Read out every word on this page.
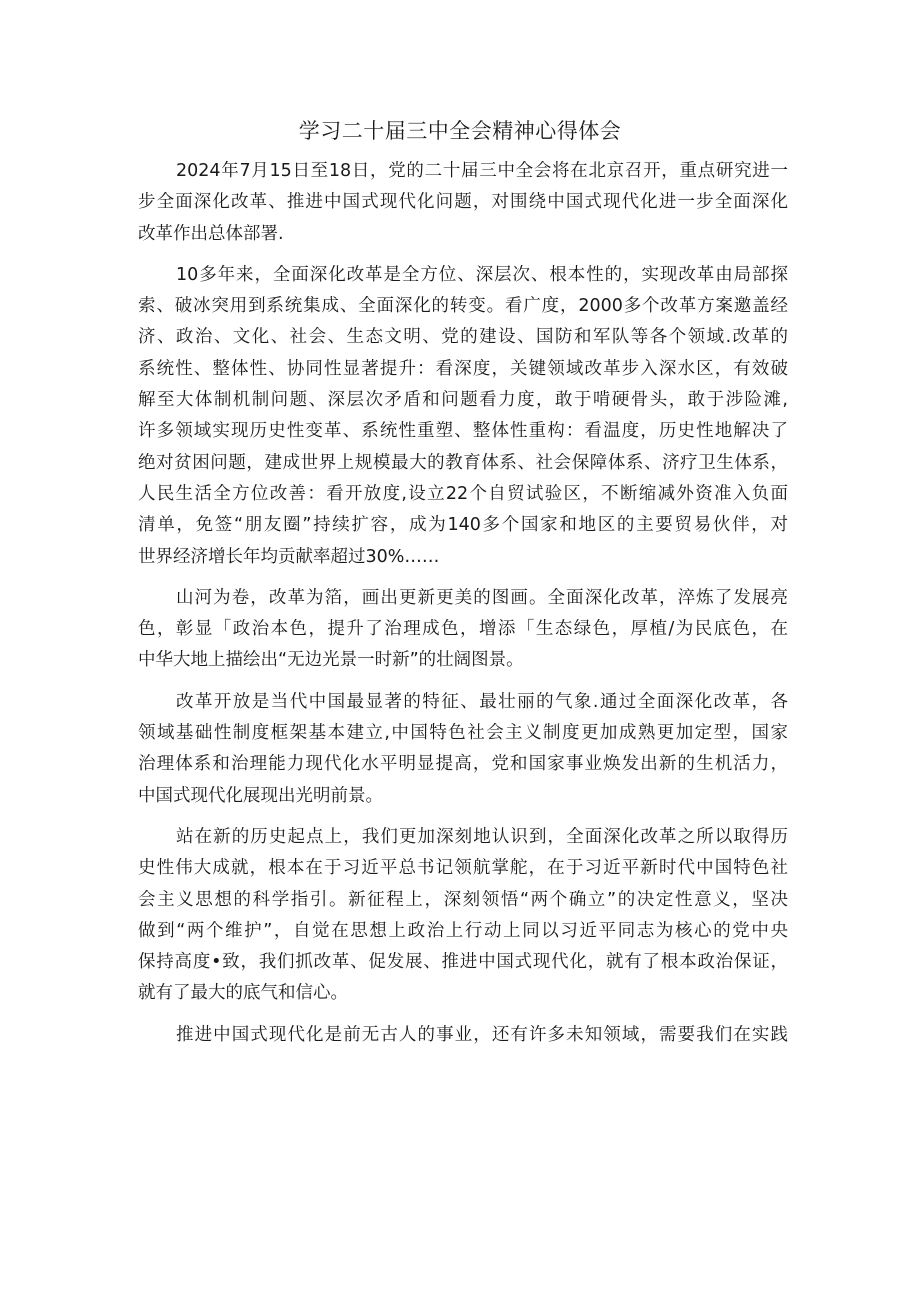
学习二十届三中全会精神心得体会
2024年7月15日至18日，党的二十届三中全会将在北京召开，重点研究进一
步全面深化改革、推进中国式现代化问题，对围绕中国式现代化进一步全面深化
改革作出总体部署.
10多年来，全面深化改革是全方位、深层次、根本性的，实现改革由局部探
索、破冰突用到系统集成、全面深化的转变。看广度，2000多个改革方案邀盖经
济、政治、文化、社会、生态文明、党的建设、国防和军队等各个领域.改革的
系统性、整体性、协同性显著提升：看深度，关键领域改革步入深水区，有效破
解至大体制机制问题、深层次矛盾和问题看力度，敢于啃硬骨头，敢于涉险滩,
许多领域实现历史性变革、系统性重塑、整体性重构：看温度，历史性地解决了
绝对贫困问题，建成世界上规模最大的教育体系、社会保障体系、济疗卫生体系，
人民生活全方位改善：看开放度,设立22个自贸试验区，不断缩减外资准入负面
清单，免签“朋友圈”持续扩容，成为140多个国家和地区的主要贸易伙伴，对
世界经济增长年均贡献率超过30%……
山河为卷，改革为箔，画出更新更美的图画。全面深化改革，淬炼了发展亮
色，彰显「政治本色，提升了治理成色，增添「生态绿色，厚植/为民底色，在
中华大地上描绘出“无边光景一时新”的壮阔图景。
改革开放是当代中国最显著的特征、最壮丽的气象.通过全面深化改革，各
领域基础性制度框架基本建立,中国特色社会主义制度更加成熟更加定型，国家
治理体系和治理能力现代化水平明显提高，党和国家事业焕发出新的生机活力，
中国式现代化展现出光明前景。
站在新的历史起点上，我们更加深刻地认识到，全面深化改革之所以取得历
史性伟大成就，根本在于习近平总书记领航掌舵，在于习近平新时代中国特色社
会主义思想的科学指引。新征程上，深刻领悟“两个确立”的决定性意义，坚决
做到“两个维护”，自觉在思想上政治上行动上同以习近平同志为核心的党中央
保持高度•致，我们抓改革、促发展、推进中国式现代化，就有了根本政治保证，
就有了最大的底气和信心。
推进中国式现代化是前无古人的事业，还有许多未知领域，需要我们在实践
